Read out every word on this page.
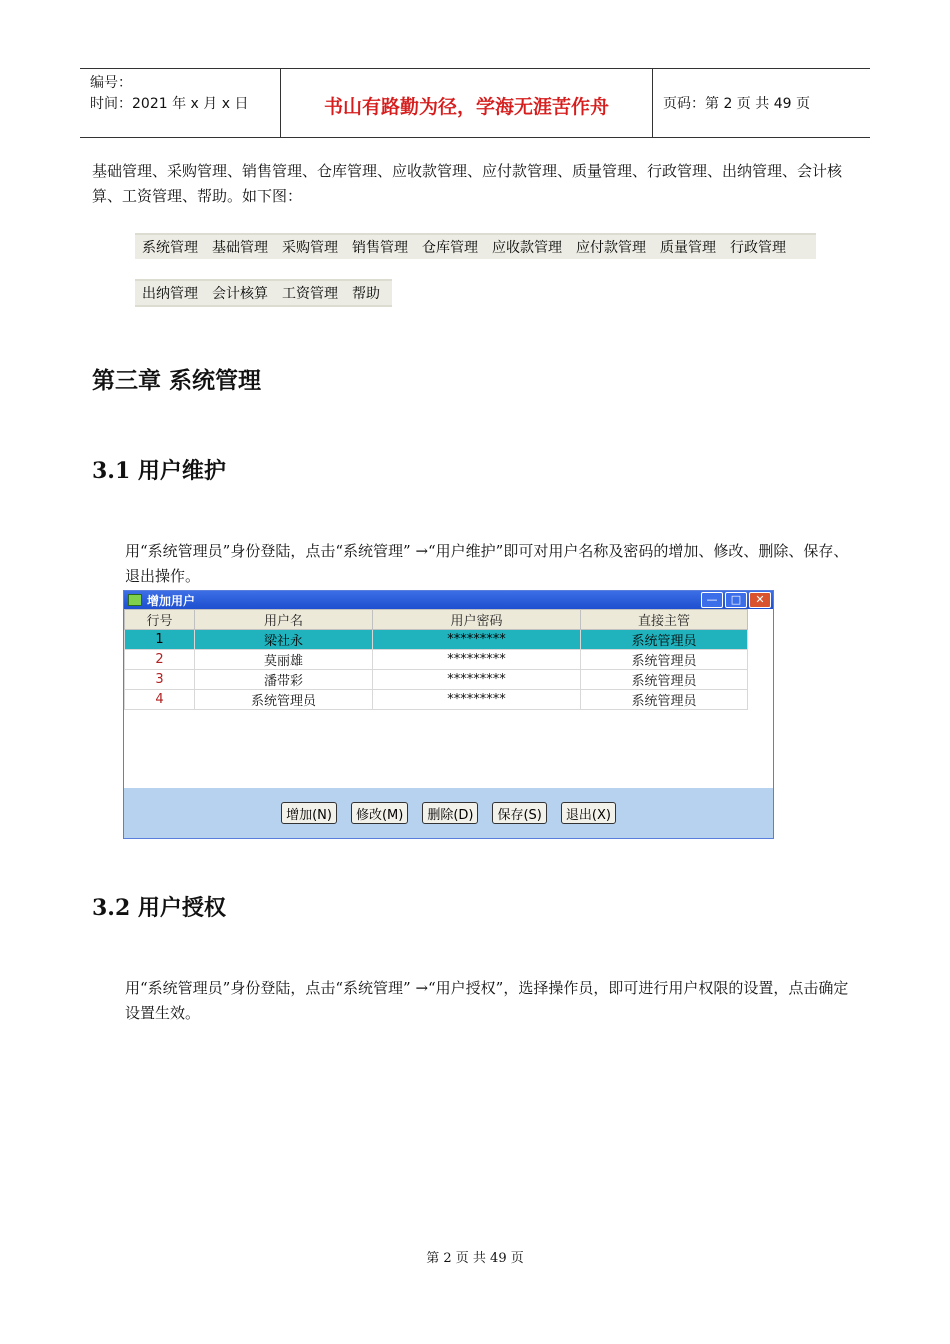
编号：
时间：2021 年 x 月 x 日	书山有路勤为径，学海无涯苦作舟	页码：第 2 页 共 49 页
基础管理、采购管理、销售管理、仓库管理、应收款管理、应付款管理、质量管理、行政管理、出纳管理、会计核算、工资管理、帮助。如下图：
系统管理	基础管理	采购管理	销售管理	仓库管理	应收款管理	应付款管理	质量管理	行政管理
出纳管理	会计核算	工资管理	帮助
第三章 系统管理
3.1 用户维护
用“系统管理员”身份登陆，点击“系统管理” →“用户维护”即可对用户名称及密码的增加、修改、删除、保存、退出操作。
增加用户	—	□	✕
行号	用户名	用户密码	直接主管
1	梁社永	*********	系统管理员
2	莫丽雄	*********	系统管理员
3	潘带彩	*********	系统管理员
4	系统管理员	*********	系统管理员
增加(N)	修改(M)	删除(D)	保存(S)	退出(X)
3.2 用户授权
用“系统管理员”身份登陆，点击“系统管理” →“用户授权”，选择操作员，即可进行用户权限的设置，点击确定设置生效。
第 2 页 共 49 页
